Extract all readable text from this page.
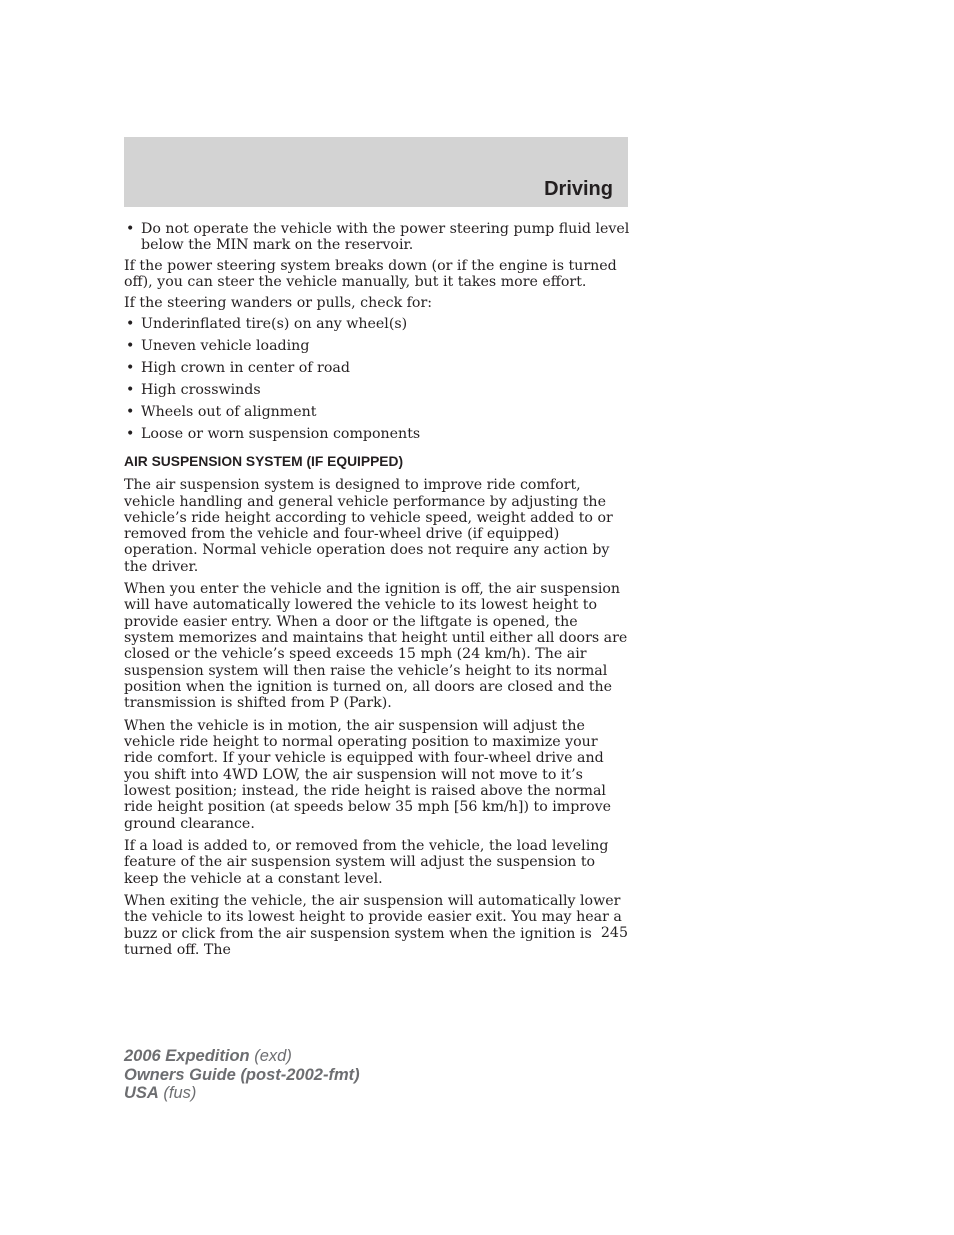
Driving
• Do not operate the vehicle with the power steering pump fluid level below the MIN mark on the reservoir.

If the power steering system breaks down (or if the engine is turned off), you can steer the vehicle manually, but it takes more effort.

If the steering wanders or pulls, check for:

• Underinflated tire(s) on any wheel(s)
• Uneven vehicle loading
• High crown in center of road
• High crosswinds
• Wheels out of alignment
• Loose or worn suspension components
AIR SUSPENSION SYSTEM (IF EQUIPPED)

The air suspension system is designed to improve ride comfort, vehicle handling and general vehicle performance by adjusting the vehicle’s ride height according to vehicle speed, weight added to or removed from the vehicle and four-wheel drive (if equipped) operation. Normal vehicle operation does not require any action by the driver.

When you enter the vehicle and the ignition is off, the air suspension will have automatically lowered the vehicle to its lowest height to provide easier entry. When a door or the liftgate is opened, the system memorizes and maintains that height until either all doors are closed or the vehicle’s speed exceeds 15 mph (24 km/h). The air suspension system will then raise the vehicle’s height to its normal position when the ignition is turned on, all doors are closed and the transmission is shifted from P (Park).

When the vehicle is in motion, the air suspension will adjust the vehicle ride height to normal operating position to maximize your ride comfort. If your vehicle is equipped with four-wheel drive and you shift into 4WD LOW, the air suspension will not move to it’s lowest position; instead, the ride height is raised above the normal ride height position (at speeds below 35 mph [56 km/h]) to improve ground clearance.

If a load is added to, or removed from the vehicle, the load leveling feature of the air suspension system will adjust the suspension to keep the vehicle at a constant level.

When exiting the vehicle, the air suspension will automatically lower the vehicle to its lowest height to provide easier exit. You may hear a buzz or click from the air suspension system when the ignition is turned off. The

245
2006 Expedition (exd)
Owners Guide (post-2002-fmt)
USA (fus)
